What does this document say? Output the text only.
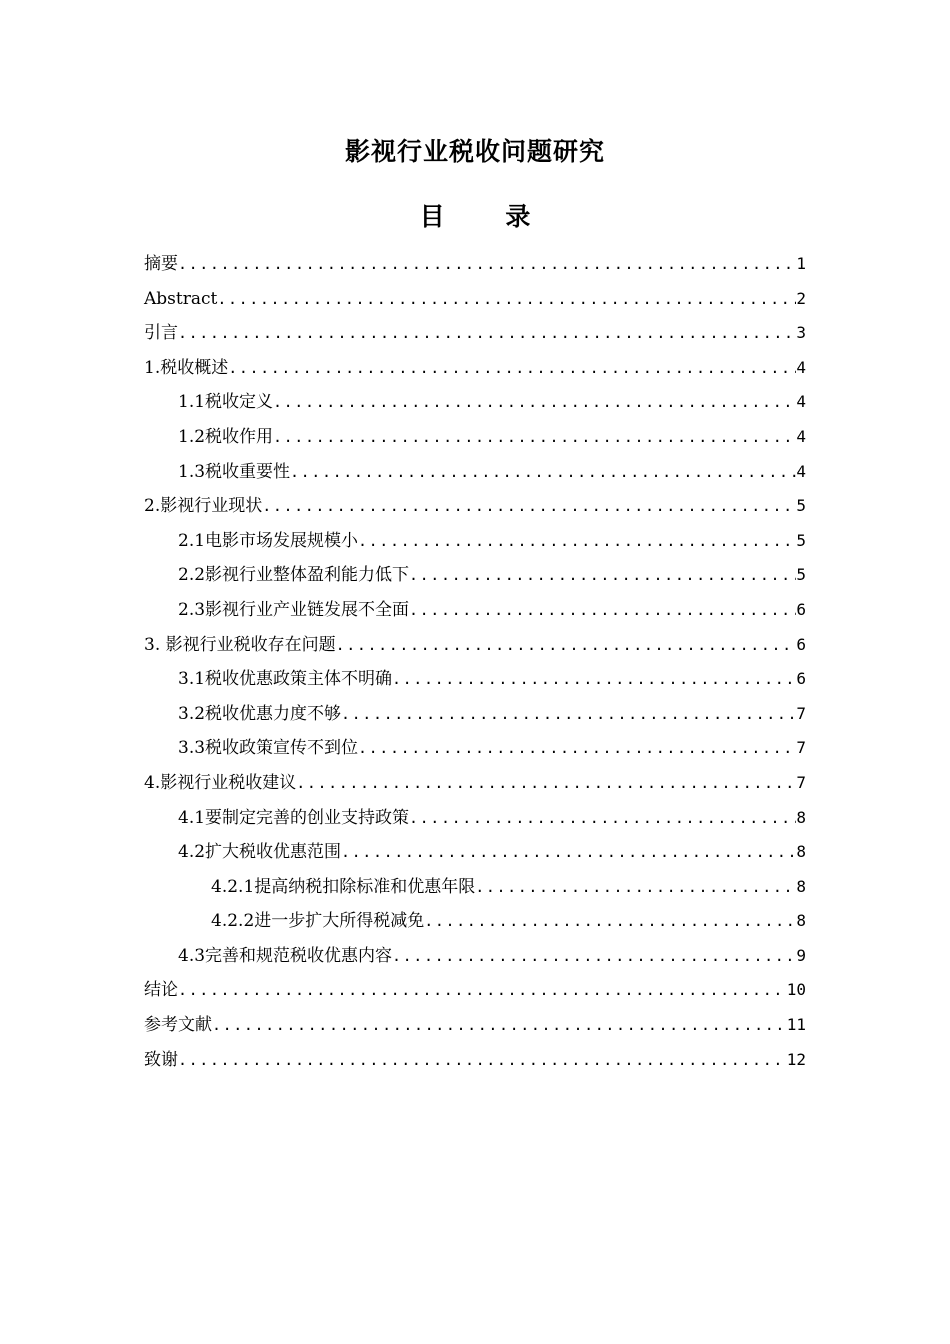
影视行业税收问题研究
目 录
摘要 .....	1
Abstract .....	2
引言 .....	3
1.税收概述 .....	4
1.1税收定义 .....	4
1.2税收作用 .....	4
1.3税收重要性 .....	4
2.影视行业现状 .....	5
2.1电影市场发展规模小 .....	5
2.2影视行业整体盈利能力低下 .....	5
2.3影视行业产业链发展不全面 .....	6
3. 影视行业税收存在问题 .....	6
3.1税收优惠政策主体不明确 .....	6
3.2税收优惠力度不够 .....	7
3.3税收政策宣传不到位 .....	7
4.影视行业税收建议 .....	7
4.1要制定完善的创业支持政策 .....	8
4.2扩大税收优惠范围 .....	8
4.2.1提高纳税扣除标准和优惠年限 .....	8
4.2.2进一步扩大所得税减免 .....	8
4.3完善和规范税收优惠内容 .....	9
结论 .....	10
参考文献 .....	11
致谢 .....	12
